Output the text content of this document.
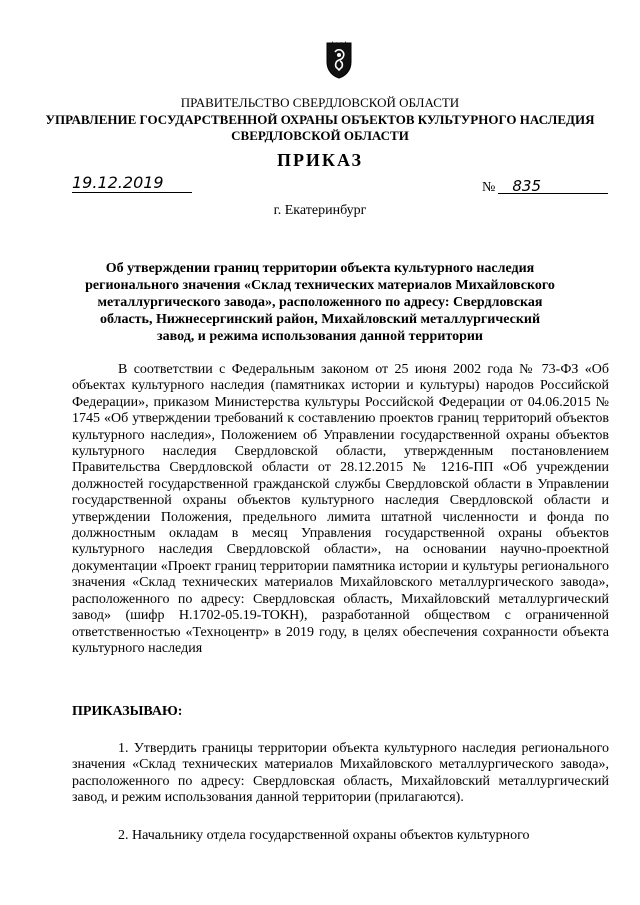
ПРАВИТЕЛЬСТВО СВЕРДЛОВСКОЙ ОБЛАСТИ
УПРАВЛЕНИЕ ГОСУДАРСТВЕННОЙ ОХРАНЫ ОБЪЕКТОВ КУЛЬТУРНОГО НАСЛЕДИЯ
СВЕРДЛОВСКОЙ ОБЛАСТИ
ПРИКАЗ
19.12.2019	№ 835
г. Екатеринбург
Об утверждении границ территории объекта культурного наследия регионального значения «Склад технических материалов Михайловского металлургического завода», расположенного по адресу: Свердловская область, Нижнесергинский район, Михайловский металлургический завод, и режима использования данной территории
В соответствии с Федеральным законом от 25 июня 2002 года № 73-ФЗ «Об объектах культурного наследия (памятниках истории и культуры) народов Российской Федерации», приказом Министерства культуры Российской Федерации от 04.06.2015 № 1745 «Об утверждении требований к составлению проектов границ территорий объектов культурного наследия», Положением об Управлении государственной охраны объектов культурного наследия Свердловской области, утвержденным постановлением Правительства Свердловской области от 28.12.2015 № 1216-ПП «Об учреждении должностей государственной гражданской службы Свердловской области в Управлении государственной охраны объектов культурного наследия Свердловской области и утверждении Положения, предельного лимита штатной численности и фонда по должностным окладам в месяц Управления государственной охраны объектов культурного наследия Свердловской области», на основании научно-проектной документации «Проект границ территории памятника истории и культуры регионального значения «Склад технических материалов Михайловского металлургического завода», расположенного по адресу: Свердловская область, Михайловский металлургический завод» (шифр Н.1702-05.19-ТОКН), разработанной обществом с ограниченной ответственностью «Техноцентр» в 2019 году, в целях обеспечения сохранности объекта культурного наследия
ПРИКАЗЫВАЮ:
1. Утвердить границы территории объекта культурного наследия регионального значения «Склад технических материалов Михайловского металлургического завода», расположенного по адресу: Свердловская область, Михайловский металлургический завод, и режим использования данной территории (прилагаются).
2. Начальнику отдела государственной охраны объектов культурного
